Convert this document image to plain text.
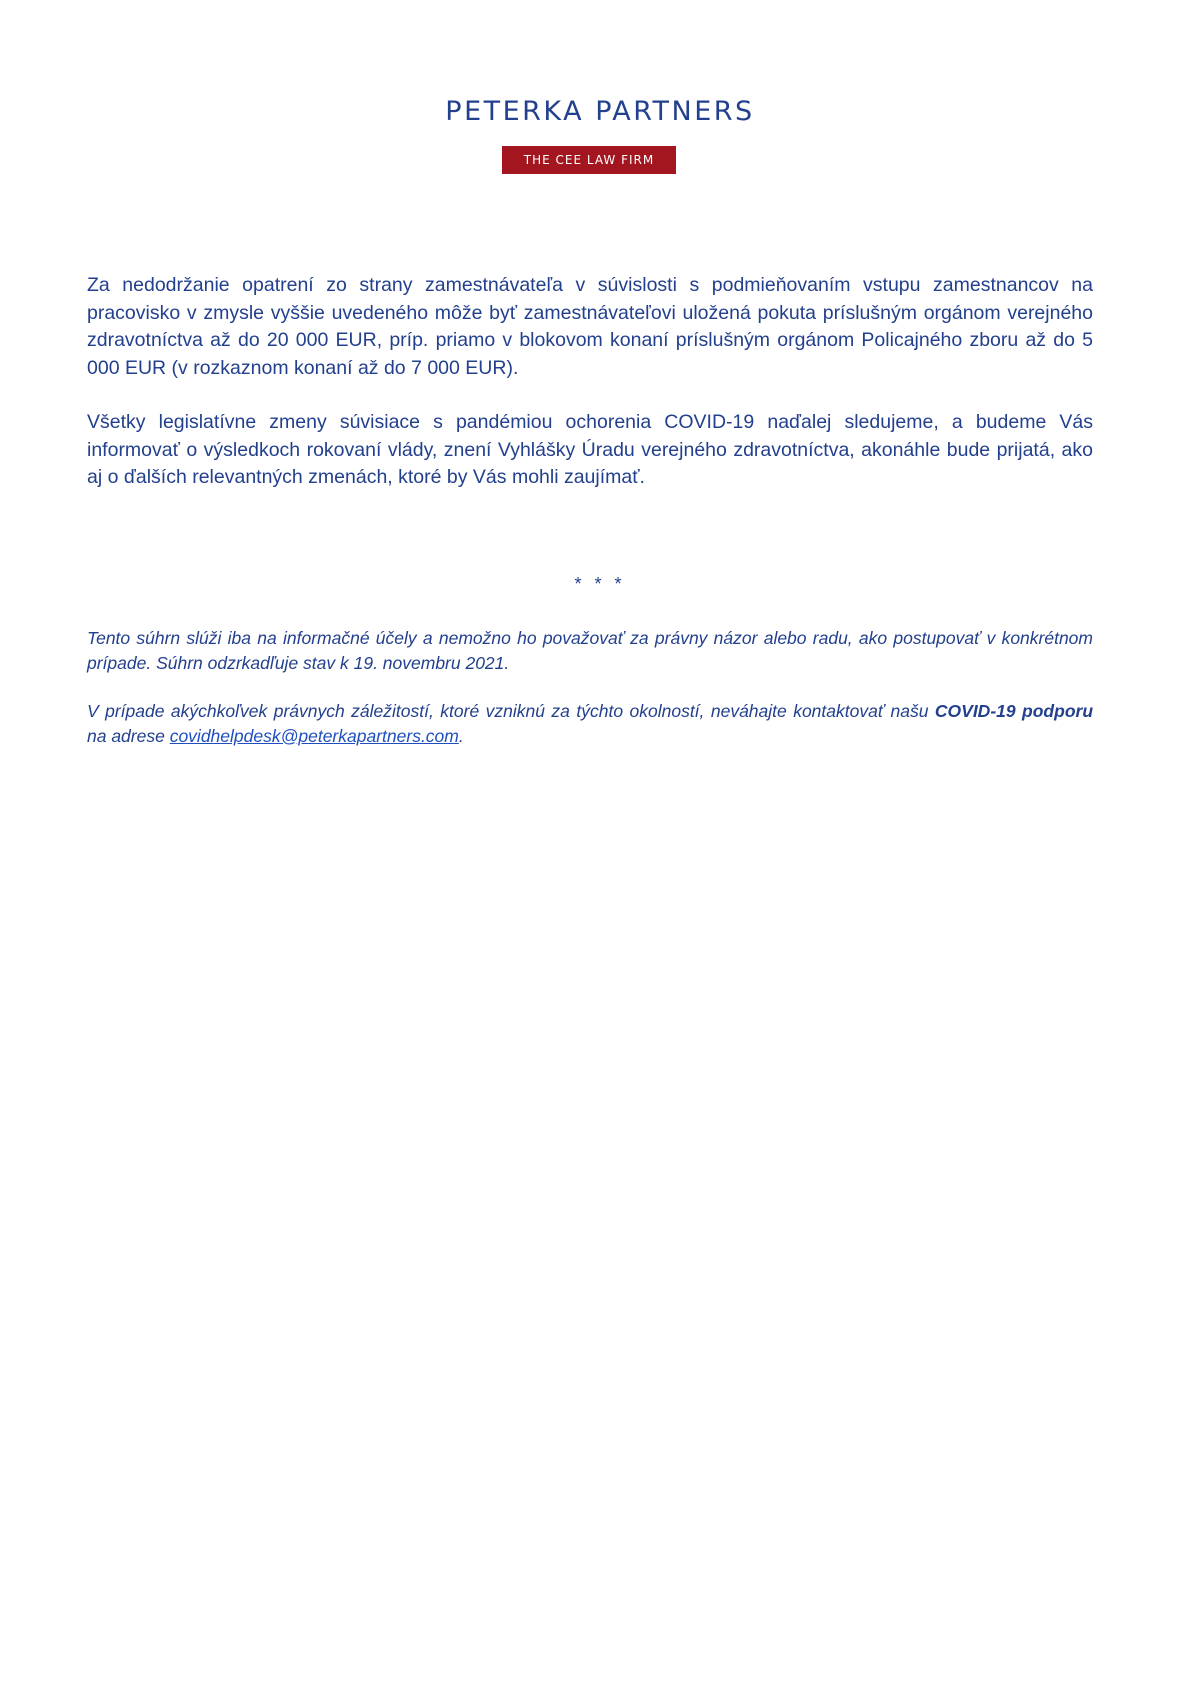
PETERKA PARTNERS
THE CEE LAW FIRM

Za nedodržanie opatrení zo strany zamestnávateľa v súvislosti s podmieňovaním vstupu zamestnancov na pracovisko v zmysle vyššie uvedeného môže byť zamestnávateľovi uložená pokuta príslušným orgánom verejného zdravotníctva až do 20 000 EUR, príp. priamo v blokovom konaní príslušným orgánom Policajného zboru až do 5 000 EUR (v rozkaznom konaní až do 7 000 EUR).

Všetky legislatívne zmeny súvisiace s pandémiou ochorenia COVID-19 naďalej sledujeme, a budeme Vás informovať o výsledkoch rokovaní vlády, znení Vyhlášky Úradu verejného zdravotníctva, akonáhle bude prijatá, ako aj o ďalších relevantných zmenách, ktoré by Vás mohli zaujímať.

* * *

Tento súhrn slúži iba na informačné účely a nemožno ho považovať za právny názor alebo radu, ako postupovať v konkrétnom prípade. Súhrn odzrkadľuje stav k 19. novembru 2021.

V prípade akýchkoľvek právnych záležitostí, ktoré vzniknú za týchto okolností, neváhajte kontaktovať našu COVID-19 podporu  na adrese covidhelpdesk@peterkapartners.com.
